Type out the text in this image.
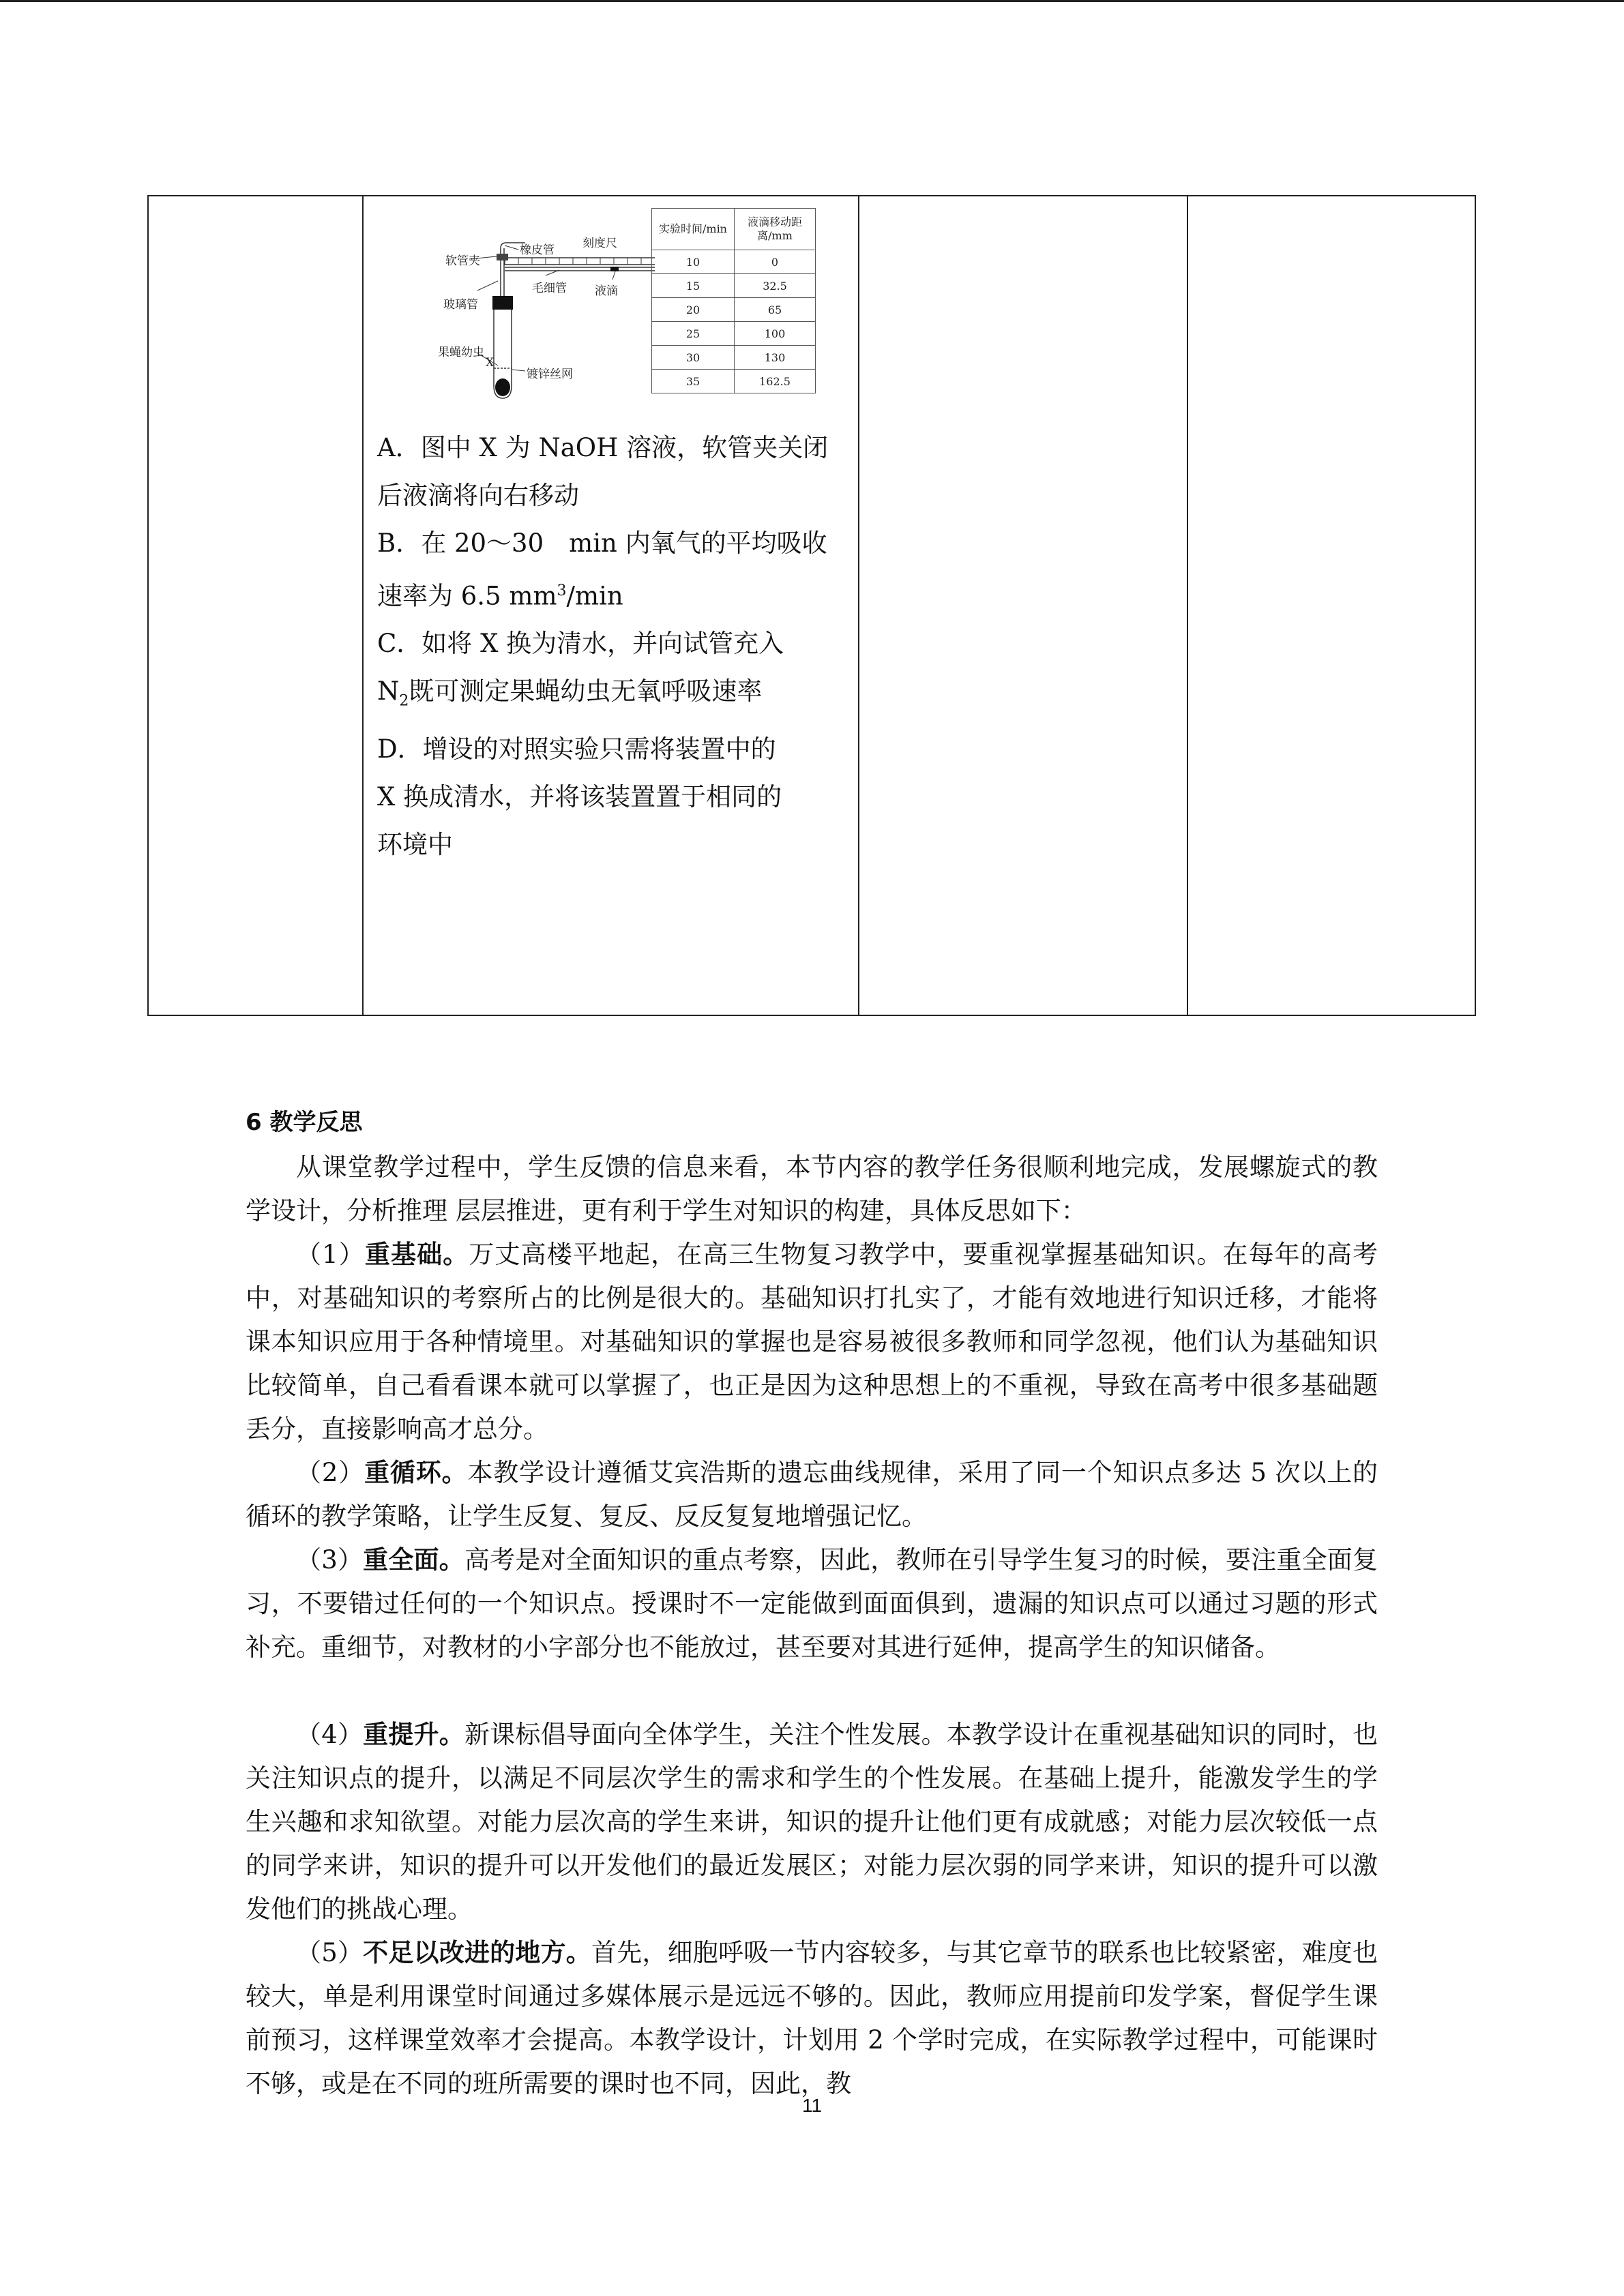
软管夹
橡皮管 刻度尺
毛细管 液滴
玻璃管
果蝇幼虫
X
镀锌丝网
实验时间/min	液滴移动距离/mm
10	0
15	32.5
20	65
25	100
30	130
35	162.5

A．图中 X 为 NaOH 溶液，软管夹关闭

后液滴将向右移动

B．在 20～30　min 内氧气的平均吸收

速率为 6.5 $mm^3/\min$

C．如将 X 换为清水，并向试管充入

$N_2$既可测定果蝇幼虫无氧呼吸速率

D．增设的对照实验只需将装置中的

X 换成清水，并将该装置置于相同的

环境中

6 教学反思

从课堂教学过程中，学生反馈的信息来看，本节内容的教学任务很顺利地完成，发展螺旋式的教学设计，分析推理 层层推进，更有利于学生对知识的构建，具体反思如下：

（1）重基础。万丈高楼平地起，在高三生物复习教学中，要重视掌握基础知识。在每年的高考中，对基础知识的考察所占的比例是很大的。基础知识打扎实了，才能有效地进行知识迁移，才能将课本知识应用于各种情境里。对基础知识的掌握也是容易被很多教师和同学忽视，他们认为基础知识比较简单，自己看看课本就可以掌握了，也正是因为这种思想上的不重视，导致在高考中很多基础题丢分，直接影响高才总分。

（2）重循环。本教学设计遵循艾宾浩斯的遗忘曲线规律，采用了同一个知识点多达 5 次以上的循环的教学策略，让学生反复、复反、反反复复地增强记忆。

（3）重全面。高考是对全面知识的重点考察，因此，教师在引导学生复习的时候，要注重全面复习，不要错过任何的一个知识点。授课时不一定能做到面面俱到，遗漏的知识点可以通过习题的形式补充。重细节，对教材的小字部分也不能放过，甚至要对其进行延伸，提高学生的知识储备。

（4）重提升。新课标倡导面向全体学生，关注个性发展。本教学设计在重视基础知识的同时，也关注知识点的提升，以满足不同层次学生的需求和学生的个性发展。在基础上提升，能激发学生的学生兴趣和求知欲望。对能力层次高的学生来讲，知识的提升让他们更有成就感；对能力层次较低一点的同学来讲，知识的提升可以开发他们的最近发展区；对能力层次弱的同学来讲，知识的提升可以激发他们的挑战心理。

（5）不足以改进的地方。首先，细胞呼吸一节内容较多，与其它章节的联系也比较紧密，难度也较大，单是利用课堂时间通过多媒体展示是远远不够的。因此，教师应用提前印发学案，督促学生课前预习，这样课堂效率才会提高。本教学设计，计划用 2 个学时完成，在实际教学过程中，可能课时不够，或是在不同的班所需要的课时也不同，因此，教

11
